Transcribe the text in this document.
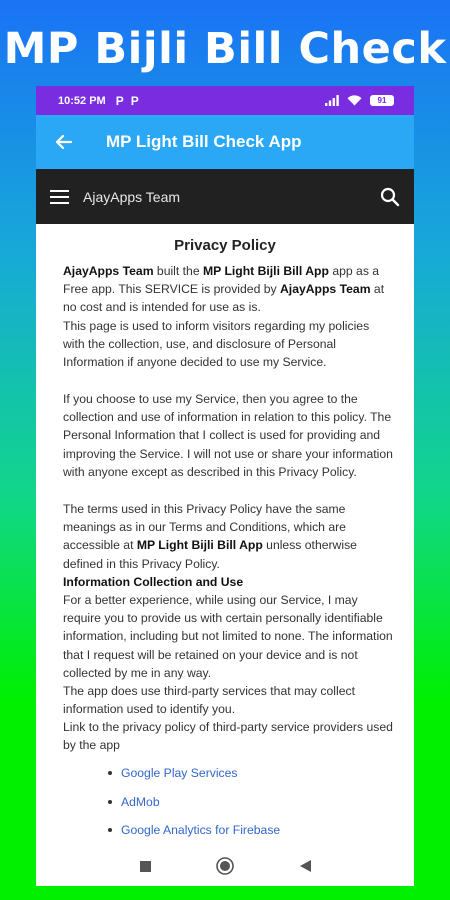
MP Bijli Bill Check
10:52 PM P P	91
MP Light Bill Check App
AjayApps Team
Privacy Policy

AjayApps Team built the MP Light Bijli Bill App app as a Free app. This SERVICE is provided by AjayApps Team at no cost and is intended for use as is.

This page is used to inform visitors regarding my policies with the collection, use, and disclosure of Personal Information if anyone decided to use my Service.

If you choose to use my Service, then you agree to the collection and use of information in relation to this policy. The Personal Information that I collect is used for providing and improving the Service. I will not use or share your information with anyone except as described in this Privacy Policy.

The terms used in this Privacy Policy have the same meanings as in our Terms and Conditions, which are accessible at MP Light Bijli Bill App unless otherwise defined in this Privacy Policy.

Information Collection and Use

For a better experience, while using our Service, I may require you to provide us with certain personally identifiable information, including but not limited to none. The information that I request will be retained on your device and is not collected by me in any way.

The app does use third-party services that may collect information used to identify you.

Link to the privacy policy of third-party service providers used by the app

Google Play Services
AdMob
Google Analytics for Firebase
